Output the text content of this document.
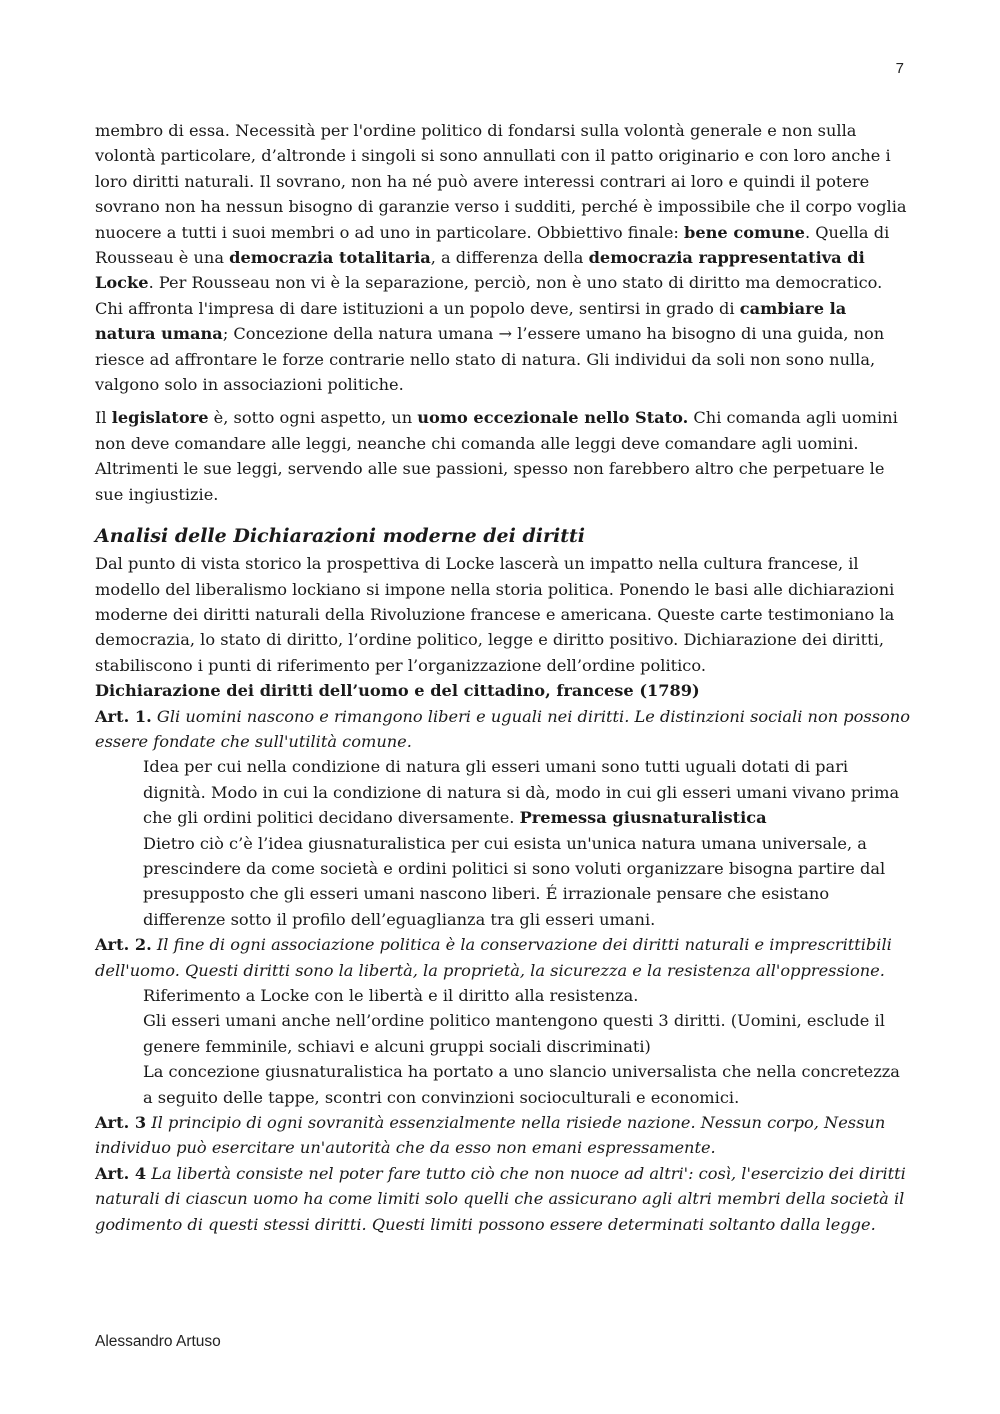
7

membro di essa. Necessità per l'ordine politico di fondarsi sulla volontà generale e non sulla volontà particolare, d’altronde i singoli si sono annullati con il patto originario e con loro anche i loro diritti naturali. Il sovrano, non ha né può avere interessi contrari ai loro e quindi il potere sovrano non ha nessun bisogno di garanzie verso i sudditi, perché è impossibile che il corpo voglia nuocere a tutti i suoi membri o ad uno in particolare. Obbiettivo finale: bene comune. Quella di Rousseau è una democrazia totalitaria, a differenza della democrazia rappresentativa di Locke. Per Rousseau non vi è la separazione, perciò, non è uno stato di diritto ma democratico.

Chi affronta l'impresa di dare istituzioni a un popolo deve, sentirsi in grado di cambiare la natura umana; Concezione della natura umana → l’essere umano ha bisogno di una guida, non riesce ad affrontare le forze contrarie nello stato di natura. Gli individui da soli non sono nulla, valgono solo in associazioni politiche.

Il legislatore è, sotto ogni aspetto, un uomo eccezionale nello Stato. Chi comanda agli uomini non deve comandare alle leggi, neanche chi comanda alle leggi deve comandare agli uomini. Altrimenti le sue leggi, servendo alle sue passioni, spesso non farebbero altro che perpetuare le sue ingiustizie.

Analisi delle Dichiarazioni moderne dei diritti

Dal punto di vista storico la prospettiva di Locke lascerà un impatto nella cultura francese, il modello del liberalismo lockiano si impone nella storia politica. Ponendo le basi alle dichiarazioni moderne dei diritti naturali della Rivoluzione francese e americana. Queste carte testimoniano la democrazia, lo stato di diritto, l’ordine politico, legge e diritto positivo. Dichiarazione dei diritti, stabiliscono i punti di riferimento per l’organizzazione dell’ordine politico.

Dichiarazione dei diritti dell’uomo e del cittadino, francese (1789)

Art. 1. Gli uomini nascono e rimangono liberi e uguali nei diritti. Le distinzioni sociali non possono essere fondate che sull'utilità comune.

Idea per cui nella condizione di natura gli esseri umani sono tutti uguali dotati di pari dignità. Modo in cui la condizione di natura si dà, modo in cui gli esseri umani vivano prima che gli ordini politici decidano diversamente. Premessa giusnaturalistica

Dietro ciò c’è l’idea giusnaturalistica per cui esista un'unica natura umana universale, a prescindere da come società e ordini politici si sono voluti organizzare bisogna partire dal presupposto che gli esseri umani nascono liberi. É irrazionale pensare che esistano differenze sotto il profilo dell’eguaglianza tra gli esseri umani.

Art. 2. Il fine di ogni associazione politica è la conservazione dei diritti naturali e imprescrittibili dell'uomo. Questi diritti sono la libertà, la proprietà, la sicurezza e la resistenza all'oppressione.

Riferimento a Locke con le libertà e il diritto alla resistenza.

Gli esseri umani anche nell’ordine politico mantengono questi 3 diritti. (Uomini, esclude il genere femminile, schiavi e alcuni gruppi sociali discriminati)

La concezione giusnaturalistica ha portato a uno slancio universalista che nella concretezza a seguito delle tappe, scontri con convinzioni socioculturali e economici.

Art. 3 Il principio di ogni sovranità essenzialmente nella risiede nazione. Nessun corpo, Nessun individuo può esercitare un'autorità che da esso non emani espressamente.

Art. 4 La libertà consiste nel poter fare tutto ciò che non nuoce ad altri': così, l'esercizio dei diritti naturali di ciascun uomo ha come limiti solo quelli che assicurano agli altri membri della società il godimento di questi stessi diritti. Questi limiti possono essere determinati soltanto dalla legge.

Alessandro Artuso
